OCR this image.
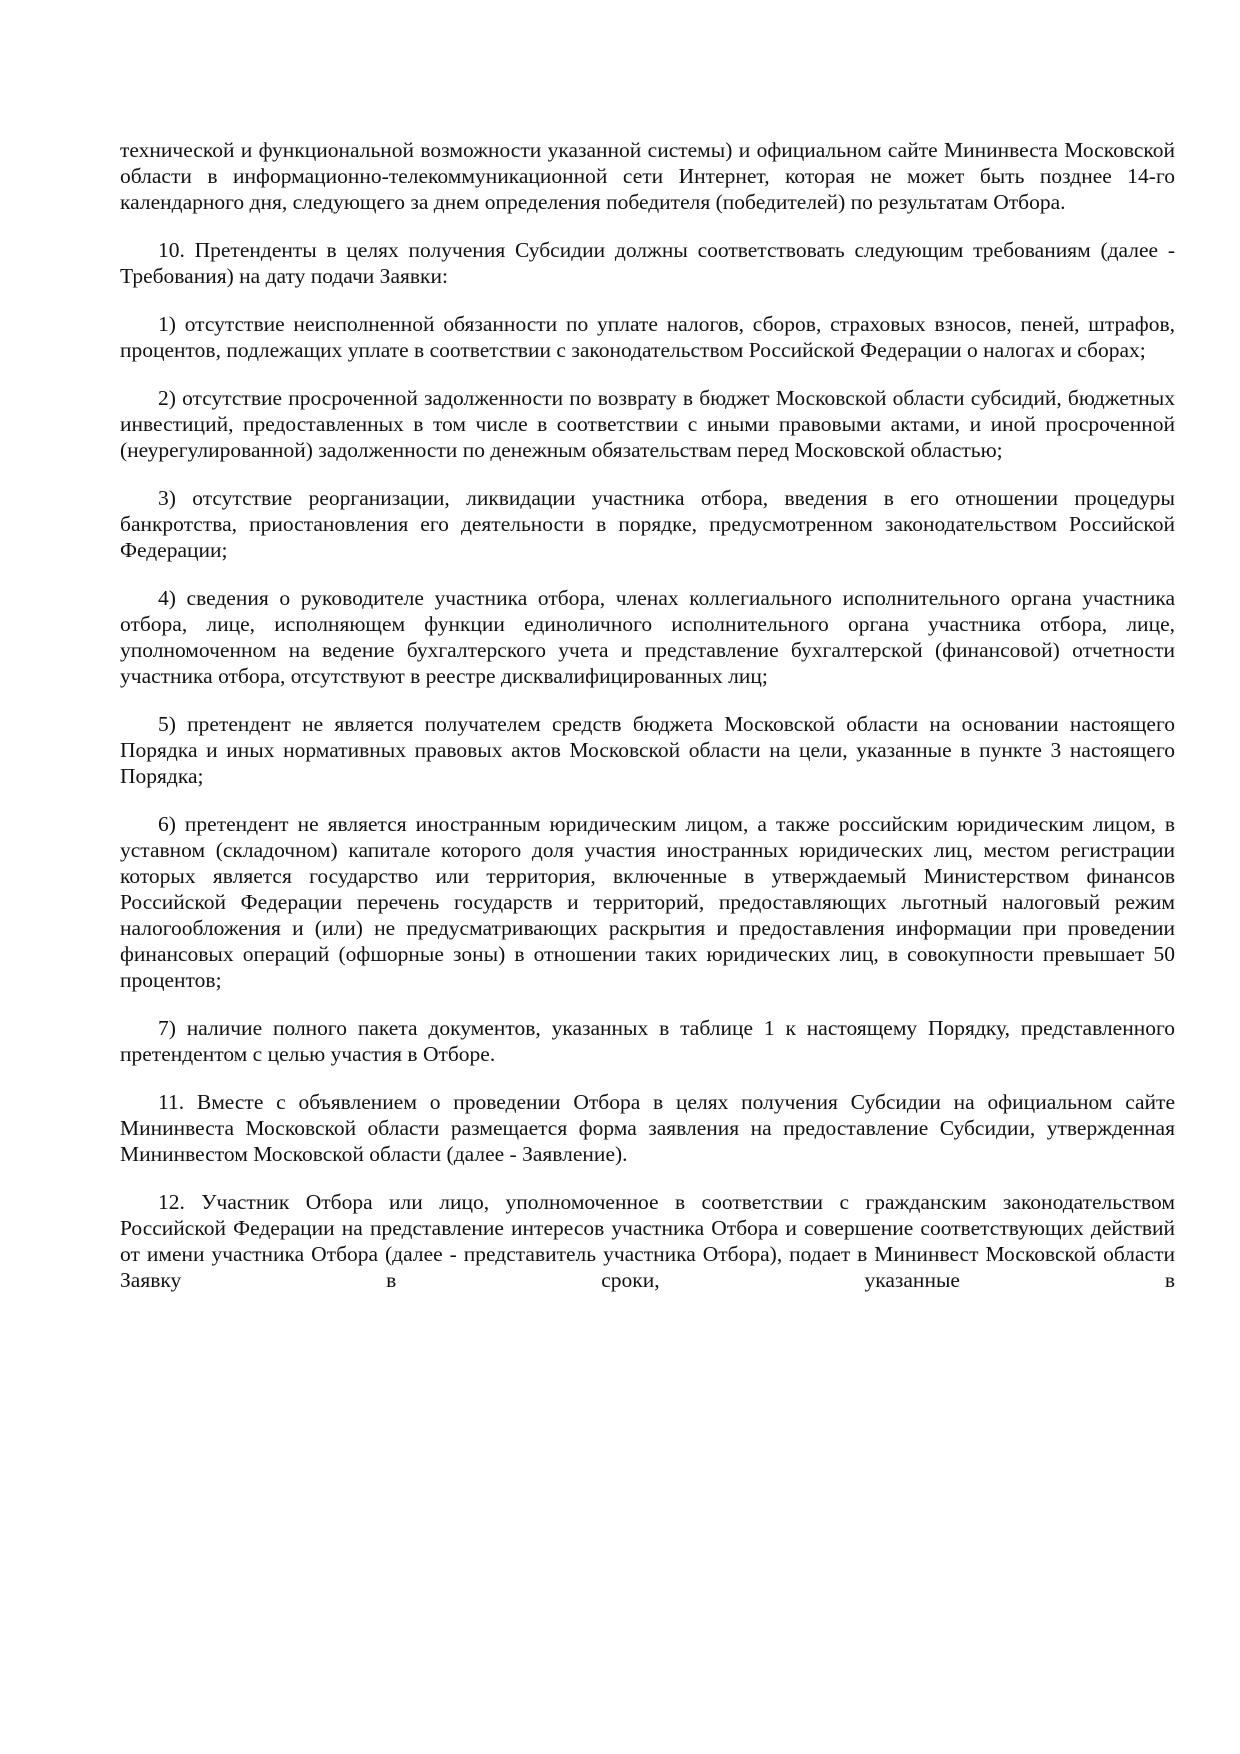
технической и функциональной возможности указанной системы) и официальном сайте Мининвеста Московской области в информационно-телекоммуникационной сети Интернет, которая не может быть позднее 14-го календарного дня, следующего за днем определения победителя (победителей) по результатам Отбора.

10. Претенденты в целях получения Субсидии должны соответствовать следующим требованиям (далее - Требования) на дату подачи Заявки:

1) отсутствие неисполненной обязанности по уплате налогов, сборов, страховых взносов, пеней, штрафов, процентов, подлежащих уплате в соответствии с законодательством Российской Федерации о налогах и сборах;

2) отсутствие просроченной задолженности по возврату в бюджет Московской области субсидий, бюджетных инвестиций, предоставленных в том числе в соответствии с иными правовыми актами, и иной просроченной (неурегулированной) задолженности по денежным обязательствам перед Московской областью;

3) отсутствие реорганизации, ликвидации участника отбора, введения в его отношении процедуры банкротства, приостановления его деятельности в порядке, предусмотренном законодательством Российской Федерации;

4) сведения о руководителе участника отбора, членах коллегиального исполнительного органа участника отбора, лице, исполняющем функции единоличного исполнительного органа участника отбора, лице, уполномоченном на ведение бухгалтерского учета и представление бухгалтерской (финансовой) отчетности участника отбора, отсутствуют в реестре дисквалифицированных лиц;

5) претендент не является получателем средств бюджета Московской области на основании настоящего Порядка и иных нормативных правовых актов Московской области на цели, указанные в пункте 3 настоящего Порядка;

6) претендент не является иностранным юридическим лицом, а также российским юридическим лицом, в уставном (складочном) капитале которого доля участия иностранных юридических лиц, местом регистрации которых является государство или территория, включенные в утверждаемый Министерством финансов Российской Федерации перечень государств и территорий, предоставляющих льготный налоговый режим налогообложения и (или) не предусматривающих раскрытия и предоставления информации при проведении финансовых операций (офшорные зоны) в отношении таких юридических лиц, в совокупности превышает 50 процентов;

7) наличие полного пакета документов, указанных в таблице 1 к настоящему Порядку, представленного претендентом с целью участия в Отборе.

11. Вместе с объявлением о проведении Отбора в целях получения Субсидии на официальном сайте Мининвеста Московской области размещается форма заявления на предоставление Субсидии, утвержденная Мининвестом Московской области (далее - Заявление).

12. Участник Отбора или лицо, уполномоченное в соответствии с гражданским законодательством Российской Федерации на представление интересов участника Отбора и совершение соответствующих действий от имени участника Отбора (далее - представитель участника Отбора), подает в Мининвест Московской области Заявку в сроки, указанные в
